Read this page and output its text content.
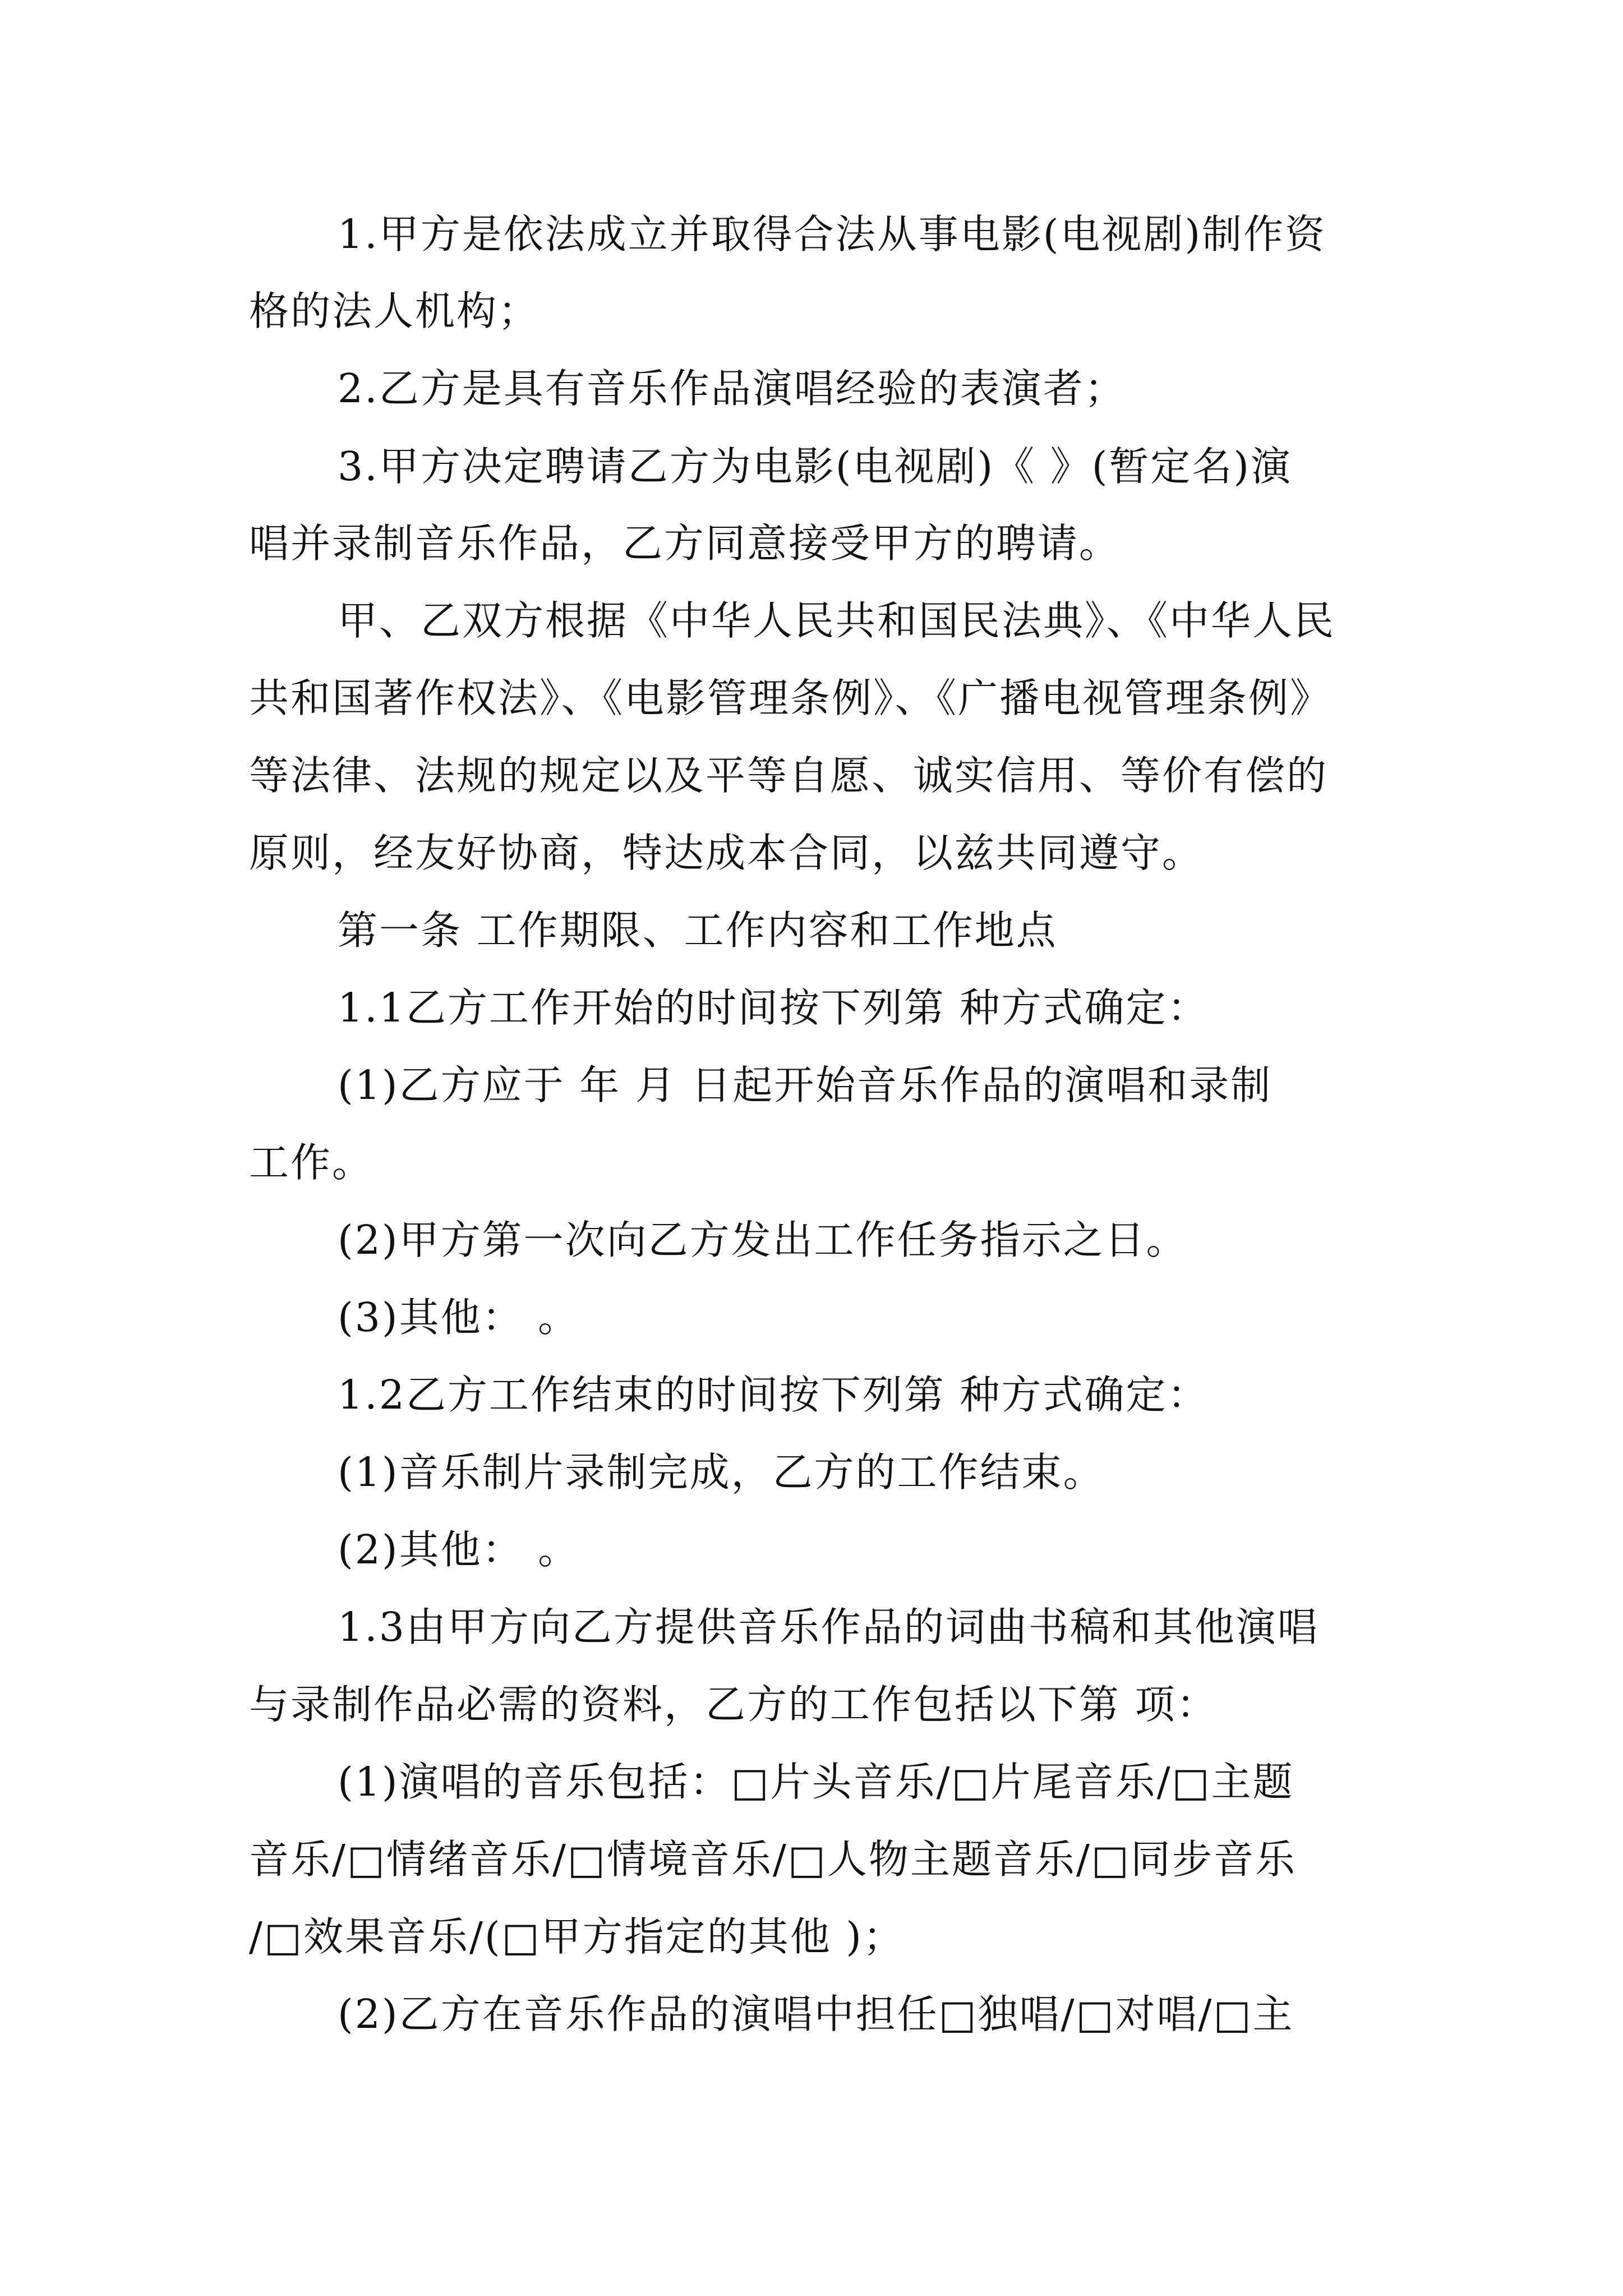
1.甲方是依法成立并取得合法从事电影(电视剧)制作资
格的法人机构；
2.乙方是具有音乐作品演唱经验的表演者；
3.甲方决定聘请乙方为电影(电视剧)《 》(暂定名)演
唱并录制音乐作品，乙方同意接受甲方的聘请。
甲、乙双方根据《中华人民共和国民法典》、《中华人民
共和国著作权法》、《电影管理条例》、《广播电视管理条例》
等法律、法规的规定以及平等自愿、诚实信用、等价有偿的
原则，经友好协商，特达成本合同，以兹共同遵守。
第一条 工作期限、工作内容和工作地点
1.1乙方工作开始的时间按下列第 种方式确定：
(1)乙方应于 年 月 日起开始音乐作品的演唱和录制
工作。
(2)甲方第一次向乙方发出工作任务指示之日。
(3)其他： 。
1.2乙方工作结束的时间按下列第 种方式确定：
(1)音乐制片录制完成，乙方的工作结束。
(2)其他： 。
1.3由甲方向乙方提供音乐作品的词曲书稿和其他演唱
与录制作品必需的资料，乙方的工作包括以下第 项：
(1)演唱的音乐包括：□片头音乐/□片尾音乐/□主题
音乐/□情绪音乐/□情境音乐/□人物主题音乐/□同步音乐
/□效果音乐/(□甲方指定的其他 )；
(2)乙方在音乐作品的演唱中担任□独唱/□对唱/□主
